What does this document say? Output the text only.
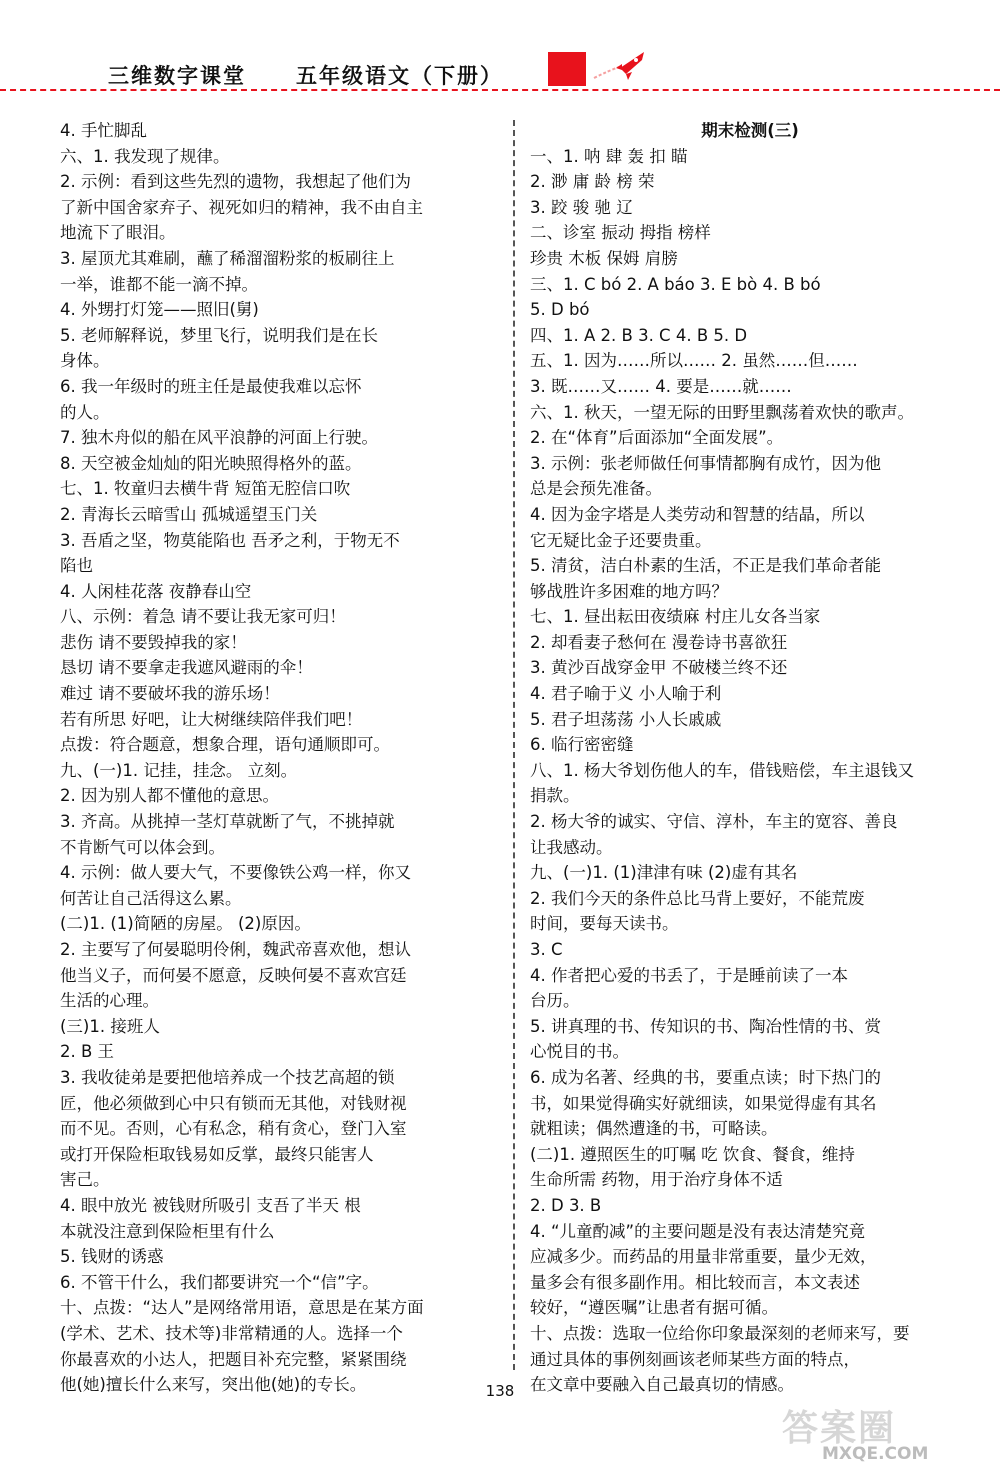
三维数字课堂 五年级语文（下册）
4. 手忙脚乱
六、1. 我发现了规律。
2. 示例：看到这些先烈的遗物，我想起了他们为
了新中国舍家弃子、视死如归的精神，我不由自主
地流下了眼泪。
3. 屋顶尤其难刷，蘸了稀溜溜粉浆的板刷往上
一举，谁都不能一滴不掉。
4. 外甥打灯笼——照旧(舅)
5. 老师解释说，梦里飞行，说明我们是在长
身体。
6. 我一年级时的班主任是最使我难以忘怀
的人。
7. 独木舟似的船在风平浪静的河面上行驶。
8. 天空被金灿灿的阳光映照得格外的蓝。
七、1. 牧童归去横牛背 短笛无腔信口吹
2. 青海长云暗雪山 孤城遥望玉门关
3. 吾盾之坚，物莫能陷也 吾矛之利，于物无不
陷也
4. 人闲桂花落 夜静春山空
八、示例：着急 请不要让我无家可归！
悲伤 请不要毁掉我的家！
恳切 请不要拿走我遮风避雨的伞！
难过 请不要破坏我的游乐场！
若有所思 好吧，让大树继续陪伴我们吧！
点拨：符合题意，想象合理，语句通顺即可。
九、(一)1. 记挂，挂念。 立刻。
2. 因为别人都不懂他的意思。
3. 齐高。从挑掉一茎灯草就断了气，不挑掉就
不肯断气可以体会到。
4. 示例：做人要大气，不要像铁公鸡一样，你又
何苦让自己活得这么累。
(二)1. (1)简陋的房屋。 (2)原因。
2. 主要写了何晏聪明伶俐，魏武帝喜欢他，想认
他当义子，而何晏不愿意，反映何晏不喜欢宫廷
生活的心理。
(三)1. 接班人
2. B 王
3. 我收徒弟是要把他培养成一个技艺高超的锁
匠，他必须做到心中只有锁而无其他，对钱财视
而不见。否则，心有私念，稍有贪心，登门入室
或打开保险柜取钱易如反掌，最终只能害人
害己。
4. 眼中放光 被钱财所吸引 支吾了半天 根
本就没注意到保险柜里有什么
5. 钱财的诱惑
6. 不管干什么，我们都要讲究一个“信”字。
十、点拨：“达人”是网络常用语，意思是在某方面
(学术、艺术、技术等)非常精通的人。选择一个
你最喜欢的小达人，把题目补充完整，紧紧围绕
他(她)擅长什么来写，突出他(她)的专长。
期末检测(三)
一、1. 呐 肆 轰 扣 瞄
2. 渺 庸 龄 榜 荣
3. 跤 骏 驰 辽
二、诊室 振动 拇指 榜样
珍贵 木板 保姆 肩膀
三、1. C bó 2. A báo 3. E bò 4. B bó
5. D bó
四、1. A 2. B 3. C 4. B 5. D
五、1. 因为……所以…… 2. 虽然……但……
3. 既……又…… 4. 要是……就……
六、1. 秋天，一望无际的田野里飘荡着欢快的歌声。
2. 在“体育”后面添加“全面发展”。
3. 示例：张老师做任何事情都胸有成竹，因为他
总是会预先准备。
4. 因为金字塔是人类劳动和智慧的结晶，所以
它无疑比金子还要贵重。
5. 清贫，洁白朴素的生活，不正是我们革命者能
够战胜许多困难的地方吗？
七、1. 昼出耘田夜绩麻 村庄儿女各当家
2. 却看妻子愁何在 漫卷诗书喜欲狂
3. 黄沙百战穿金甲 不破楼兰终不还
4. 君子喻于义 小人喻于利
5. 君子坦荡荡 小人长戚戚
6. 临行密密缝
八、1. 杨大爷划伤他人的车，借钱赔偿，车主退钱又
捐款。
2. 杨大爷的诚实、守信、淳朴，车主的宽容、善良
让我感动。
九、(一)1. (1)津津有味 (2)虚有其名
2. 我们今天的条件总比马背上要好，不能荒废
时间，要每天读书。
3. C
4. 作者把心爱的书丢了，于是睡前读了一本
台历。
5. 讲真理的书、传知识的书、陶冶性情的书、赏
心悦目的书。
6. 成为名著、经典的书，要重点读；时下热门的
书，如果觉得确实好就细读，如果觉得虚有其名
就粗读；偶然遭逢的书，可略读。
(二)1. 遵照医生的叮嘱 吃 饮食、餐食，维持
生命所需 药物，用于治疗身体不适
2. D 3. B
4. “儿童酌减”的主要问题是没有表达清楚究竟
应减多少。而药品的用量非常重要，量少无效，
量多会有很多副作用。相比较而言，本文表述
较好，“遵医嘱”让患者有据可循。
十、点拨：选取一位给你印象最深刻的老师来写，要
通过具体的事例刻画该老师某些方面的特点，
在文章中要融入自己最真切的情感。
138
答案圈
MXQE.COM
